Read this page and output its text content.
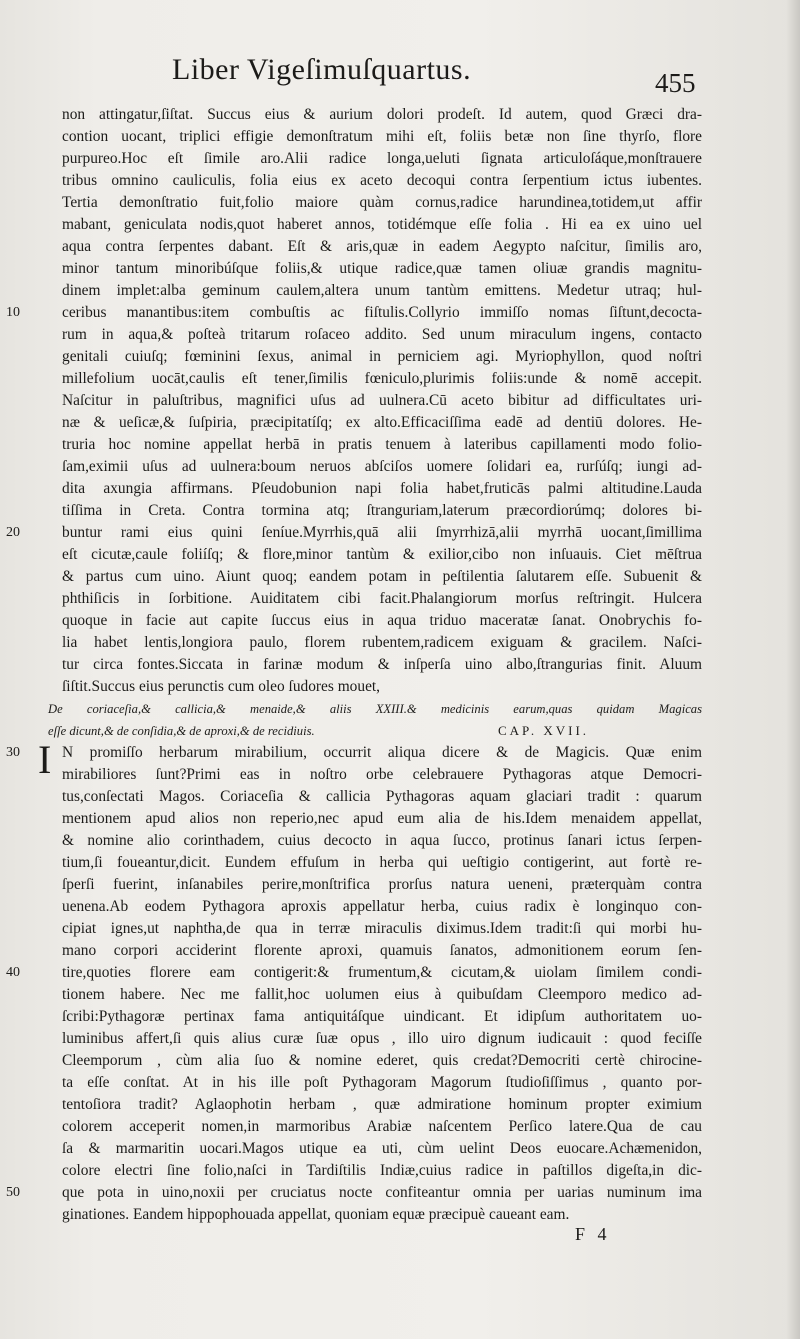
Liber Vigeſimuſquartus.	455
10
20
30
40
50
non attingatur,ſiſtat. Succus eius & aurium dolori prodeſt. Id autem, quod Græci dra-
contion uocant, triplici effigie demonſtratum mihi eſt, foliis betæ non ſine thyrſo, flore
purpureo.Hoc eſt ſimile aro.Alii radice longa,ueluti ſignata articuloſáque,monſtrauere
tribus omnino cauliculis, folia eius ex aceto decoqui contra ſerpentium ictus iubentes.
Tertia demonſtratio fuit,folio maiore quàm cornus,radice harundinea,totidem,ut affir
mabant, geniculata nodis,quot haberet annos, totidémque eſſe folia . Hi ea ex uino uel
aqua contra ſerpentes dabant. Eſt & aris,quæ in eadem Aegypto naſcitur, ſimilis aro,
minor tantum minoribúſque foliis,& utique radice,quæ tamen oliuæ grandis magnitu-
dinem implet:alba geminum caulem,altera unum tantùm emittens. Medetur utraq; hul-
ceribus manantibus:item combuſtis ac fiſtulis.Collyrio immiſſo nomas ſiſtunt,decocta-
rum in aqua,& poſteà tritarum roſaceo addito. Sed unum miraculum ingens, contacto
genitali cuiuſq; fœminini ſexus, animal in perniciem agi. Myriophyllon, quod noſtri
millefolium uocāt,caulis eſt tener,ſimilis fœniculo,plurimis foliis:unde & nomē accepit.
Naſcitur in paluſtribus, magnifici uſus ad uulnera.Cū aceto bibitur ad difficultates uri-
næ & ueſicæ,& ſuſpiria, præcipitatíſq; ex alto.Efficaciſſima eadē ad dentiū dolores. He-
truria hoc nomine appellat herbā in pratis tenuem à lateribus capillamenti modo folio-
ſam,eximii uſus ad uulnera:boum neruos abſciſos uomere ſolidari ea, rurſúſq; iungi ad-
dita axungia affirmans. Pſeudobunion napi folia habet,fruticās palmi altitudine.Lauda
tiſſima in Creta. Contra tormina atq; ſtranguriam,laterum præcordiorúmq; dolores bi-
buntur rami eius quini ſeníue.Myrrhis,quā alii ſmyrrhizā,alii myrrhā uocant,ſimillima
eſt cicutæ,caule foliíſq; & flore,minor tantùm & exilior,cibo non inſuauis. Ciet mēſtrua
& partus cum uino. Aiunt quoq; eandem potam in peſtilentia ſalutarem eſſe. Subuenit &
phthiſicis in ſorbitione. Auiditatem cibi facit.Phalangiorum morſus reſtringit. Hulcera
quoque in facie aut capite ſuccus eius in aqua triduo maceratæ ſanat. Onobrychis fo-
lia habet lentis,longiora paulo, florem rubentem,radicem exiguam & gracilem. Naſci-
tur circa fontes.Siccata in farinæ modum & inſperſa uino albo,ſtrangurias finit. Aluum
ſiſtit.Succus eius perunctis cum oleo ſudores mouet,
De coriaceſia,& callicia,& menaide,& aliis XXIII.& medicinis earum,quas quidam Magicas
eſſe dicunt,& de conſidia,& de aproxi,& de recidiuis.	CAP. XVII.
I N promiſſo herbarum mirabilium, occurrit aliqua dicere & de Magicis. Quæ enim
mirabiliores ſunt?Primi eas in noſtro orbe celebrauere Pythagoras atque Democri-
tus,conſectati Magos. Coriaceſia & callicia Pythagoras aquam glaciari tradit : quarum
mentionem apud alios non reperio,nec apud eum alia de his.Idem menaidem appellat,
& nomine alio corinthadem, cuius decocto in aqua ſucco, protinus ſanari ictus ſerpen-
tium,ſi foueantur,dicit. Eundem effuſum in herba qui ueſtigio contigerint, aut fortè re-
ſperſi fuerint, inſanabiles perire,monſtrifica prorſus natura ueneni, præterquàm contra
uenena.Ab eodem Pythagora aproxis appellatur herba, cuius radix è longinquo con-
cipiat ignes,ut naphtha,de qua in terræ miraculis diximus.Idem tradit:ſi qui morbi hu-
mano corpori acciderint florente aproxi, quamuis ſanatos, admonitionem eorum ſen-
tire,quoties florere eam contigerit:& frumentum,& cicutam,& uiolam ſimilem condi-
tionem habere. Nec me fallit,hoc uolumen eius à quibuſdam Cleemporo medico ad-
ſcribi:Pythagoræ pertinax fama antiquitáſque uindicant. Et idipſum authoritatem uo-
luminibus affert,ſi quis alius curæ ſuæ opus , illo uiro dignum iudicauit : quod feciſſe
Cleemporum , cùm alia ſuo & nomine ederet, quis credat?Democriti certè chirocine-
ta eſſe conſtat. At in his ille poſt Pythagoram Magorum ſtudioſiſſimus , quanto por-
tentoſiora tradit? Aglaophotin herbam , quæ admiratione hominum propter eximium
colorem acceperit nomen,in marmoribus Arabiæ naſcentem Perſico latere.Qua de cau
ſa & marmaritin uocari.Magos utique ea uti, cùm uelint Deos euocare.Achæmenidon,
colore electri ſine folio,naſci in Tardiſtilis Indiæ,cuius radice in paſtillos digeſta,in dic-
que pota in uino,noxii per cruciatus nocte confiteantur omnia per uarias numinum ima
ginationes. Eandem hippophouada appellat, quoniam equæ præcipuè caueant eam.
F 4
